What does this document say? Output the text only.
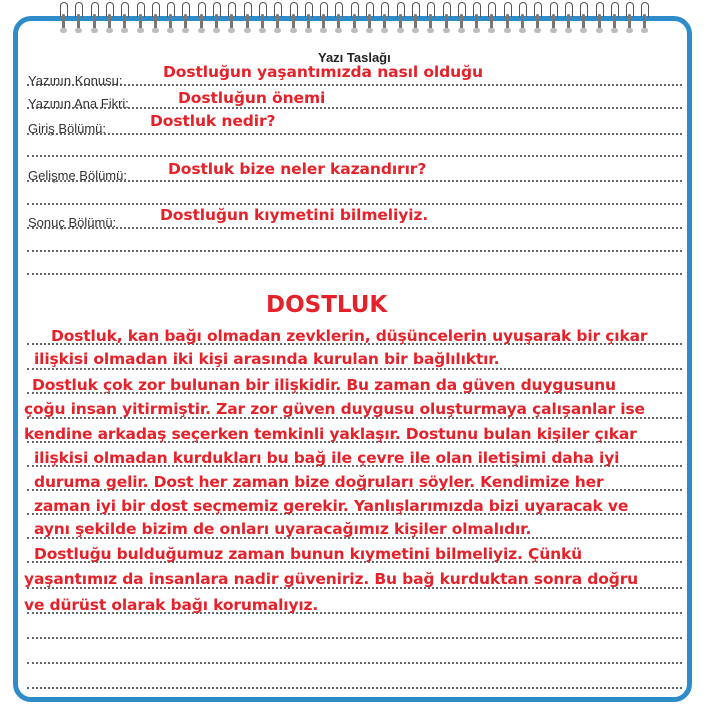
Yazı Taslağı
Yazının Konusu:
Yazının Ana Fikri:
Giriş Bölümü:
Gelişme Bölümü:
Sonuç Bölümü:
Dostluğun yaşantımızda nasıl olduğu
Dostluğun önemi
Dostluk nedir?
Dostluk bize neler kazandırır?
Dostluğun kıymetini bilmeliyiz.
DOSTLUK
Dostluk, kan bağı olmadan zevklerin, düşüncelerin uyuşarak bir çıkar
ilişkisi olmadan iki kişi arasında kurulan bir bağlılıktır.
Dostluk çok zor bulunan bir ilişkidir. Bu zaman da güven duygusunu
çoğu insan yitirmiştir. Zar zor güven duygusu oluşturmaya çalışanlar ise
kendine arkadaş seçerken temkinli yaklaşır. Dostunu bulan kişiler çıkar
ilişkisi olmadan kurdukları bu bağ ile çevre ile olan iletişimi daha iyi
duruma gelir. Dost her zaman bize doğruları söyler. Kendimize her
zaman iyi bir dost seçmemiz gerekir. Yanlışlarımızda bizi uyaracak ve
aynı şekilde bizim de onları uyaracağımız kişiler olmalıdır.
Dostluğu bulduğumuz zaman bunun kıymetini bilmeliyiz. Çünkü
yaşantımız da insanlara nadir güveniriz. Bu bağ kurduktan sonra doğru
ve dürüst olarak bağı korumalıyız.
